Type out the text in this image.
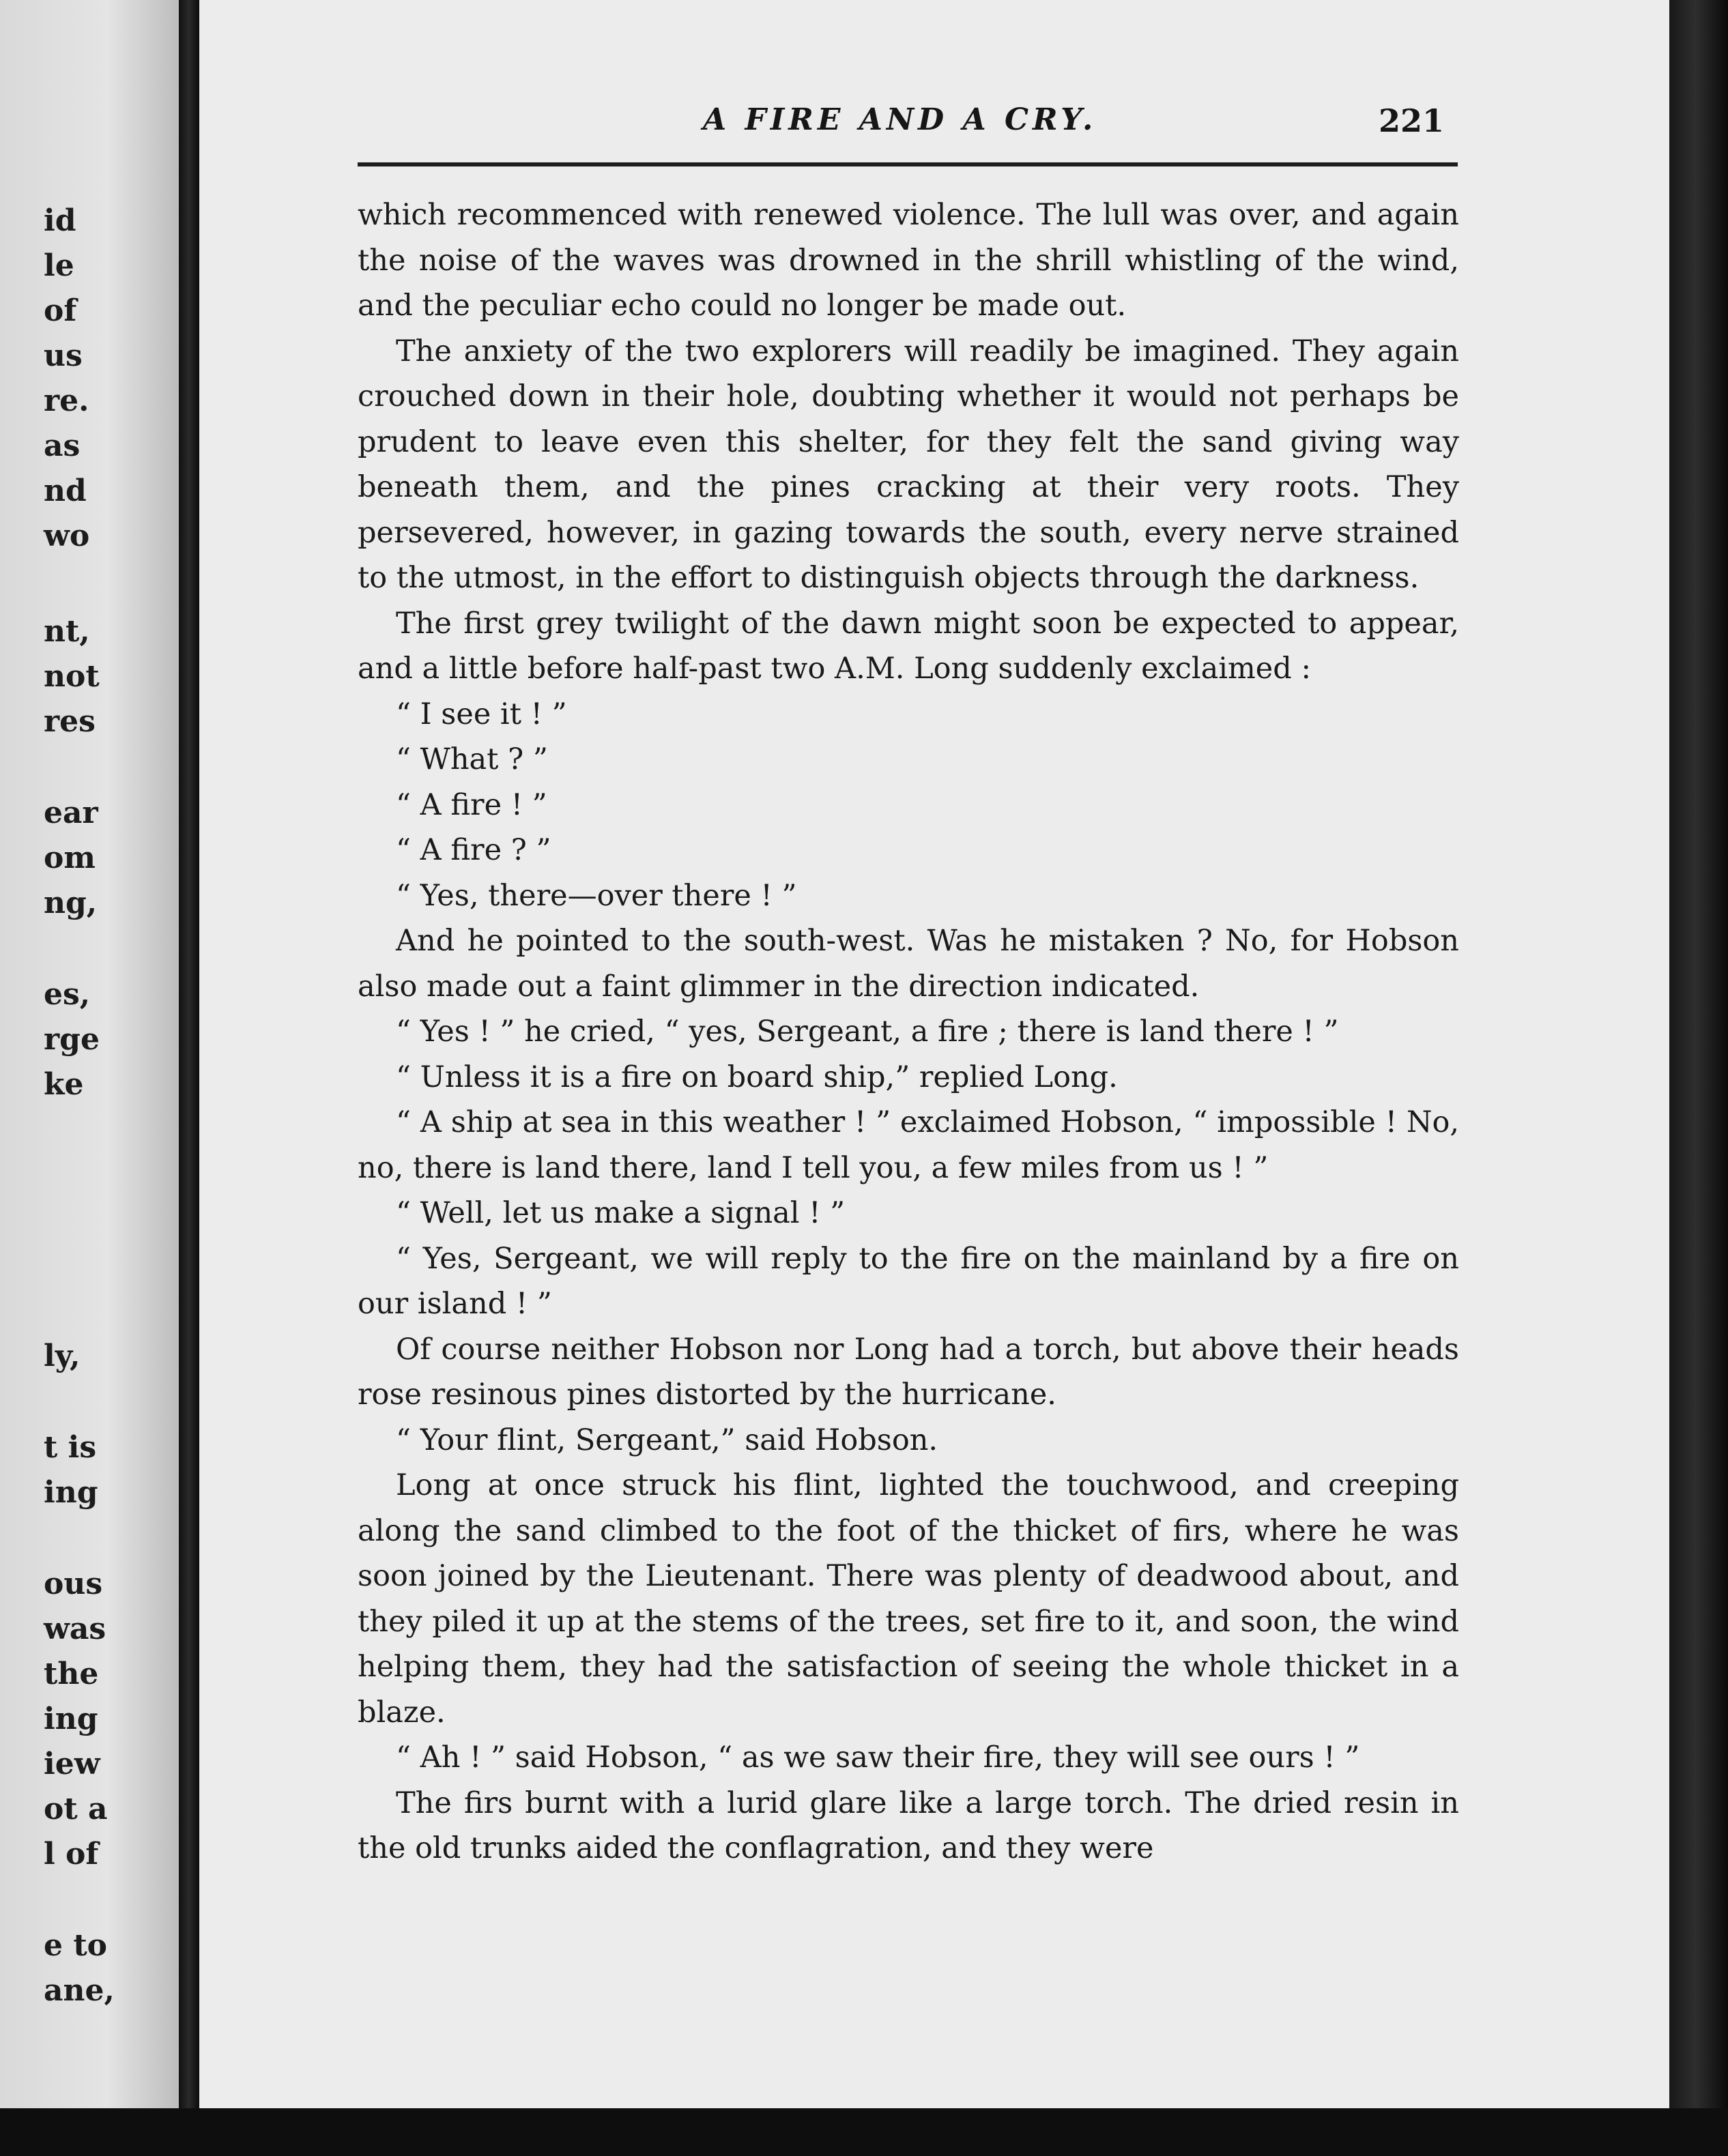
id
le
of
us
re.
as
nd
wo
nt,
not
res
ear
om
ng,
es,
rge
ke
ly,
t is
ing
ous
was
the
ing
iew
ot a
l of
e to
ane,
A FIRE AND A CRY.	221

which recommenced with renewed violence. The lull was over, and again the noise of the waves was drowned in the shrill whistling of the wind, and the peculiar echo could no longer be made out.

The anxiety of the two explorers will readily be imagined. They again crouched down in their hole, doubting whether it would not perhaps be prudent to leave even this shelter, for they felt the sand giving way beneath them, and the pines cracking at their very roots. They persevered, however, in gazing towards the south, every nerve strained to the utmost, in the effort to distinguish objects through the darkness.

The first grey twilight of the dawn might soon be expected to appear, and a little before half-past two A.M. Long suddenly exclaimed :

“ I see it ! ”

“ What ? ”

“ A fire ! ”

“ A fire ? ”

“ Yes, there—over there ! ”

And he pointed to the south-west. Was he mistaken ? No, for Hobson also made out a faint glimmer in the direction indicated.

“ Yes ! ” he cried, “ yes, Sergeant, a fire ; there is land there ! ”

“ Unless it is a fire on board ship,” replied Long.

“ A ship at sea in this weather ! ” exclaimed Hobson, “ impossible ! No, no, there is land there, land I tell you, a few miles from us ! ”

“ Well, let us make a signal ! ”

“ Yes, Sergeant, we will reply to the fire on the mainland by a fire on our island ! ”

Of course neither Hobson nor Long had a torch, but above their heads rose resinous pines distorted by the hurricane.

“ Your flint, Sergeant,” said Hobson.

Long at once struck his flint, lighted the touchwood, and creeping along the sand climbed to the foot of the thicket of firs, where he was soon joined by the Lieutenant. There was plenty of deadwood about, and they piled it up at the stems of the trees, set fire to it, and soon, the wind helping them, they had the satisfaction of seeing the whole thicket in a blaze.

“ Ah ! ” said Hobson, “ as we saw their fire, they will see ours ! ”

The firs burnt with a lurid glare like a large torch. The dried resin in the old trunks aided the conflagration, and they were
